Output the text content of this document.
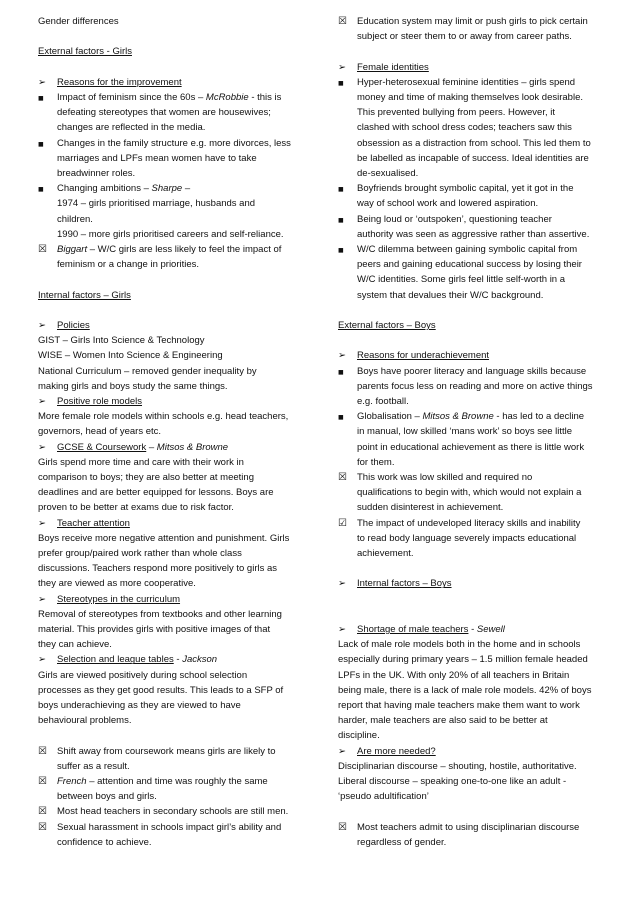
Gender differences
External factors - Girls
➢	Reasons for the improvement
■	Impact of feminism since the 60s – McRobbie - this is
defeating stereotypes that women are housewives;
changes are reflected in the media.
■	Changes in the family structure e.g. more divorces, less
marriages and LPFs mean women have to take
breadwinner roles.
■	Changing ambitions – Sharpe –
1974 – girls prioritised marriage, husbands and
children.
1990 – more girls prioritised careers and self-reliance.
☒	Biggart – W/C girls are less likely to feel the impact of
feminism or a change in priorities.
Internal factors – Girls
➢	Policies
GIST – Girls Into Science & Technology
WISE – Women Into Science & Engineering
National Curriculum – removed gender inequality by
making girls and boys study the same things.
➢	Positive role models
More female role models within schools e.g. head teachers,
governors, head of years etc.
➢	GCSE & Coursework – Mitsos & Browne
Girls spend more time and care with their work in
comparison to boys; they are also better at meeting
deadlines and are better equipped for lessons. Boys are
proven to be better at exams due to risk factor.
➢	Teacher attention
Boys receive more negative attention and punishment. Girls
prefer group/paired work rather than whole class
discussions. Teachers respond more positively to girls as
they are viewed as more cooperative.
➢	Stereotypes in the curriculum
Removal of stereotypes from textbooks and other learning
material. This provides girls with positive images of that
they can achieve.
➢	Selection and league tables - Jackson
Girls are viewed positively during school selection
processes as they get good results. This leads to a SFP of
boys underachieving as they are viewed to have
behavioural problems.
☒	Shift away from coursework means girls are likely to
suffer as a result.
☒	French – attention and time was roughly the same
between boys and girls.
☒	Most head teachers in secondary schools are still men.
☒	Sexual harassment in schools impact girl’s ability and
confidence to achieve.
☒	Education system may limit or push girls to pick certain
subject or steer them to or away from career paths.
➢	Female identities
■	Hyper-heterosexual feminine identities – girls spend
money and time of making themselves look desirable.
This prevented bullying from peers. However, it
clashed with school dress codes; teachers saw this
obsession as a distraction from school. This led them to
be labelled as incapable of success. Ideal identities are
de-sexualised.
■	Boyfriends brought symbolic capital, yet it got in the
way of school work and lowered aspiration.
■	Being loud or ‘outspoken’, questioning teacher
authority was seen as aggressive rather than assertive.
■	W/C dilemma between gaining symbolic capital from
peers and gaining educational success by losing their
W/C identities. Some girls feel little self-worth in a
system that devalues their W/C background.
External factors – Boys
➢	Reasons for underachievement
■	Boys have poorer literacy and language skills because
parents focus less on reading and more on active things
e.g. football.
■	Globalisation – Mitsos & Browne - has led to a decline
in manual, low skilled ‘mans work’ so boys see little
point in educational achievement as there is little work
for them.
☒	This work was low skilled and required no
qualifications to begin with, which would not explain a
sudden disinterest in achievement.
☑	The impact of undeveloped literacy skills and inability
to read body language severely impacts educational
achievement.
➢	Internal factors – Boys
➢	Shortage of male teachers - Sewell
Lack of male role models both in the home and in schools
especially during primary years – 1.5 million female headed
LPFs in the UK. With only 20% of all teachers in Britain
being male, there is a lack of male role models. 42% of boys
report that having male teachers make them want to work
harder, male teachers are also said to be better at
discipline.
➢	Are more needed?
Disciplinarian discourse – shouting, hostile, authoritative.
Liberal discourse – speaking one-to-one like an adult -
‘pseudo adultification’
☒	Most teachers admit to using disciplinarian discourse
regardless of gender.
